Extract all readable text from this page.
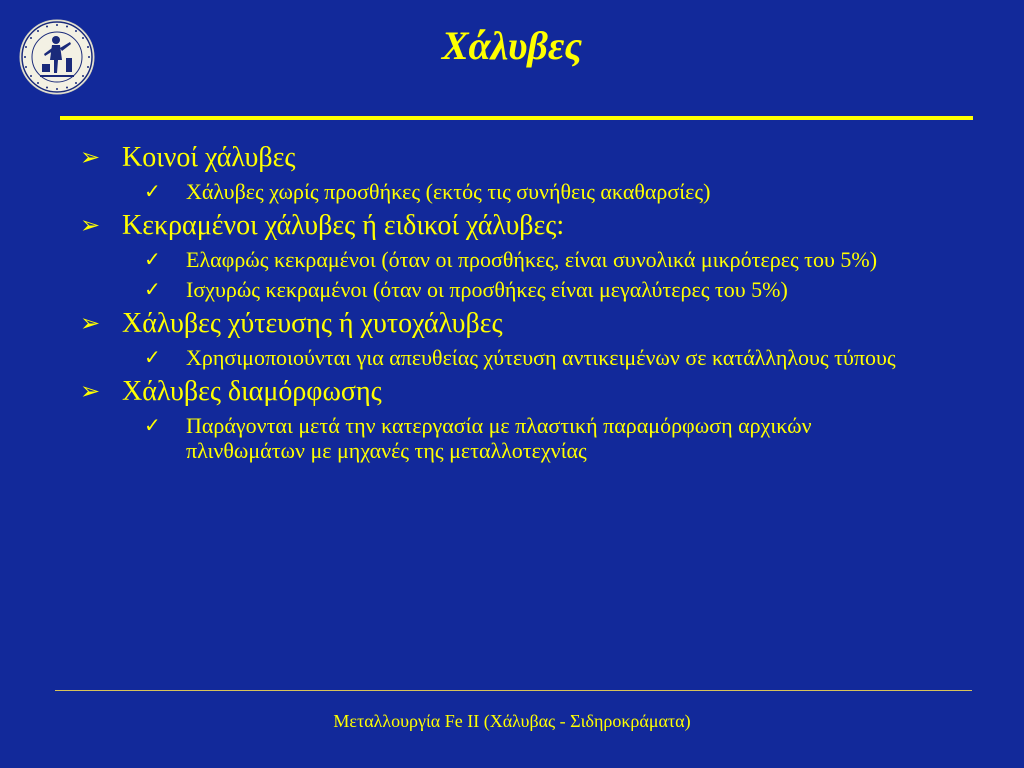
Χάλυβες
➢ Κοινοί χάλυβες
✓ Χάλυβες χωρίς προσθήκες (εκτός τις συνήθεις ακαθαρσίες)
➢ Κεκραμένοι χάλυβες ή ειδικοί χάλυβες:
✓ Ελαφρώς κεκραμένοι (όταν οι προσθήκες, είναι συνολικά μικρότερες του 5%)
✓ Ισχυρώς κεκραμένοι (όταν οι προσθήκες είναι μεγαλύτερες του 5%)
➢ Χάλυβες χύτευσης ή χυτοχάλυβες
✓ Χρησιμοποιούνται για απευθείας χύτευση αντικειμένων σε κατάλληλους τύπους
➢ Χάλυβες διαμόρφωσης
✓ Παράγονται μετά την κατεργασία με πλαστική παραμόρφωση αρχικών πλινθωμάτων με μηχανές της μεταλλοτεχνίας
Μεταλλουργία Fe II (Χάλυβας - Σιδηροκράματα)
